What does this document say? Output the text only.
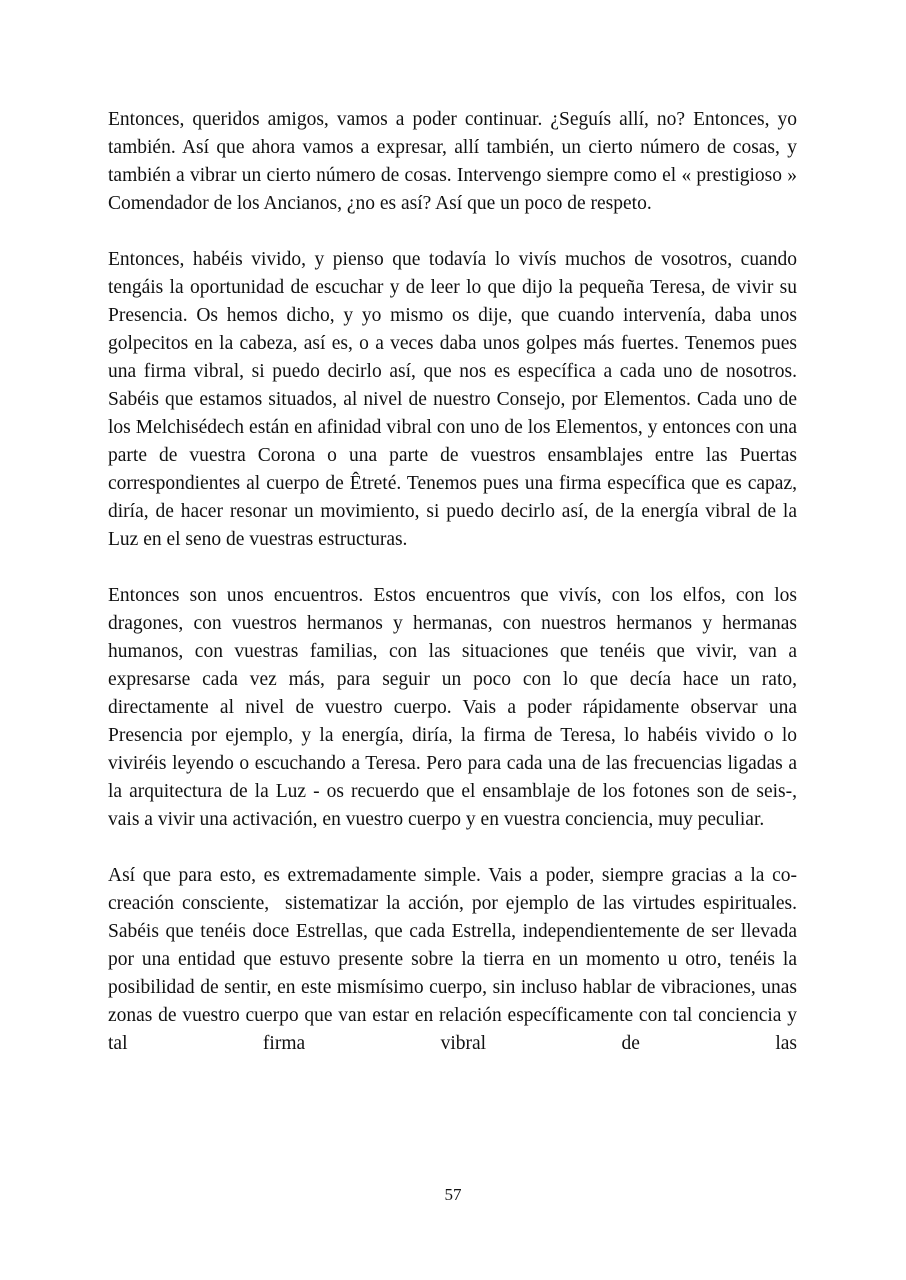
Entonces, queridos amigos, vamos a poder continuar. ¿Seguís allí, no? Entonces, yo también. Así que ahora vamos a expresar, allí también, un cierto número de cosas, y también a vibrar un cierto número de cosas. Intervengo siempre como el « prestigioso » Comendador de los Ancianos, ¿no es así? Así que un poco de respeto.

Entonces, habéis vivido, y pienso que todavía lo vivís muchos de vosotros, cuando tengáis la oportunidad de escuchar y de leer lo que dijo la pequeña Teresa, de vivir su Presencia. Os hemos dicho, y yo mismo os dije, que cuando intervenía, daba unos golpecitos en la cabeza, así es, o a veces daba unos golpes más fuertes. Tenemos pues una firma vibral, si puedo decirlo así, que nos es específica a cada uno de nosotros. Sabéis que estamos situados, al nivel de nuestro Consejo, por Elementos. Cada uno de los Melchisédech están en afinidad vibral con uno de los Elementos, y entonces con una parte de vuestra Corona o una parte de vuestros ensamblajes entre las Puertas correspondientes al cuerpo de Êtreté. Tenemos pues una firma específica que es capaz, diría, de hacer resonar un movimiento, si puedo decirlo así, de la energía vibral de la Luz en el seno de vuestras estructuras.

Entonces son unos encuentros. Estos encuentros que vivís, con los elfos, con los dragones, con vuestros hermanos y hermanas, con nuestros hermanos y hermanas humanos, con vuestras familias, con las situaciones que tenéis que vivir, van a expresarse cada vez más, para seguir un poco con lo que decía hace un rato, directamente al nivel de vuestro cuerpo. Vais a poder rápidamente observar una Presencia por ejemplo, y la energía, diría, la firma de Teresa, lo habéis vivido o lo viviréis leyendo o escuchando a Teresa. Pero para cada una de las frecuencias ligadas a la arquitectura de la Luz - os recuerdo que el ensamblaje de los fotones son de seis-, vais a vivir una activación, en vuestro cuerpo y en vuestra conciencia, muy peculiar.

Así que para esto, es extremadamente simple. Vais a poder, siempre gracias a la co-creación consciente,  sistematizar la acción, por ejemplo de las virtudes espirituales. Sabéis que tenéis doce Estrellas, que cada Estrella, independientemente de ser llevada por una entidad que estuvo presente sobre la tierra en un momento u otro, tenéis la posibilidad de sentir, en este mismísimo cuerpo, sin incluso hablar de vibraciones, unas zonas de vuestro cuerpo que van estar en relación específicamente con tal conciencia y tal firma vibral de las

57
